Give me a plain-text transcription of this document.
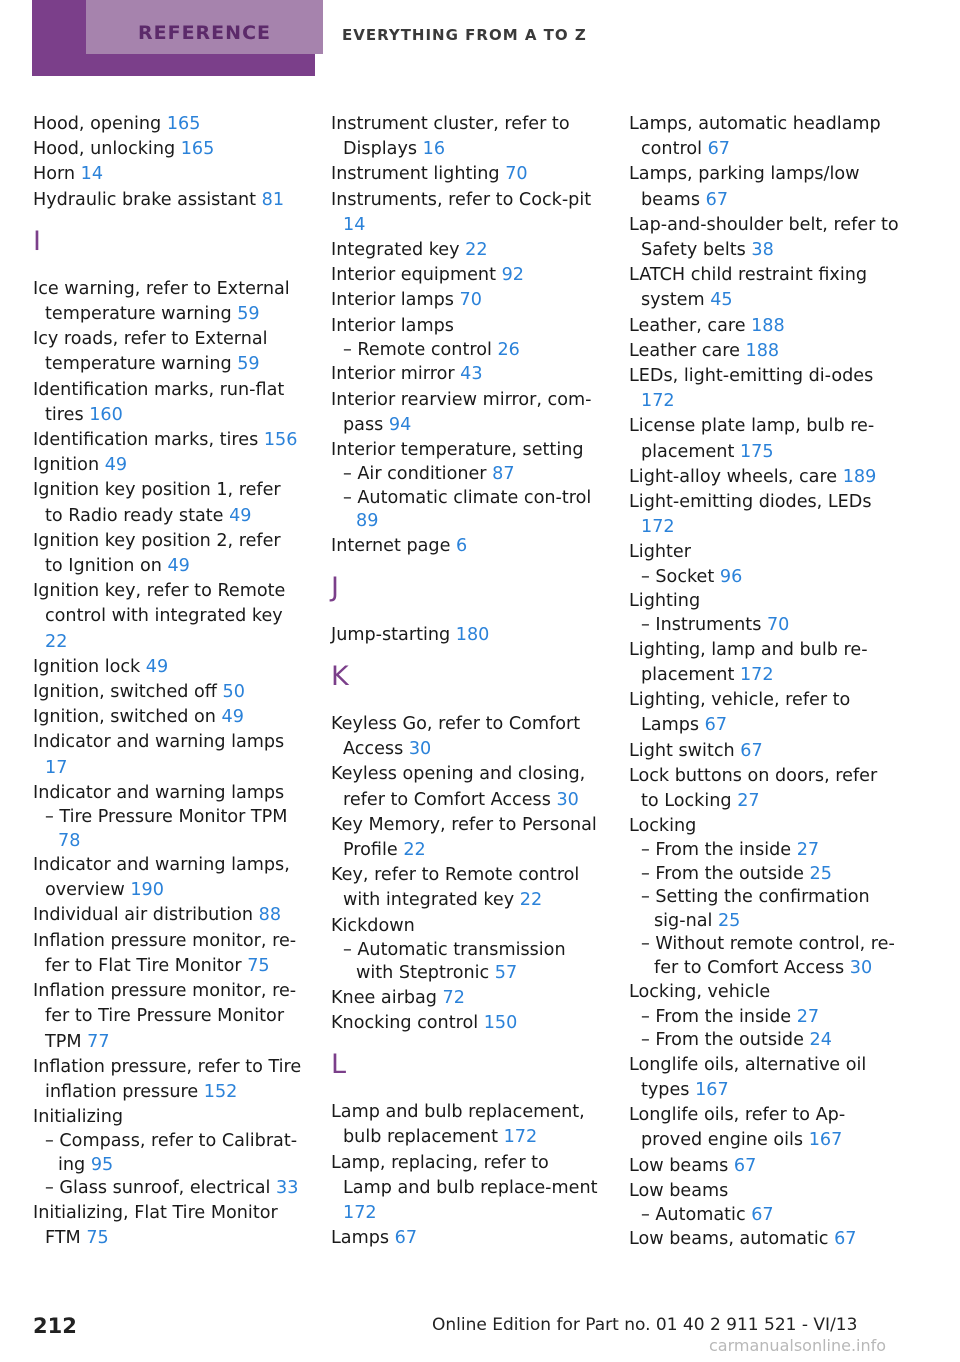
REFERENCE	EVERYTHING FROM A TO Z
Hood, opening 165
Hood, unlocking 165
Horn 14
Hydraulic brake assistant 81
I
Ice warning, refer to External temperature warning 59
Icy roads, refer to External temperature warning 59
Identification marks, run-flat tires 160
Identification marks, tires 156
Ignition 49
Ignition key position 1, refer to Radio ready state 49
Ignition key position 2, refer to Ignition on 49
Ignition key, refer to Remote control with integrated key 22
Ignition lock 49
Ignition, switched off 50
Ignition, switched on 49
Indicator and warning lamps 17
Indicator and warning lamps
– Tire Pressure Monitor TPM 78
Indicator and warning lamps, overview 190
Individual air distribution 88
Inflation pressure monitor, re-fer to Flat Tire Monitor 75
Inflation pressure monitor, re-fer to Tire Pressure Monitor TPM 77
Inflation pressure, refer to Tire inflation pressure 152
Initializing
– Compass, refer to Calibrat-ing 95
– Glass sunroof, electrical 33
Initializing, Flat Tire Monitor FTM 75
Instrument cluster, refer to Displays 16
Instrument lighting 70
Instruments, refer to Cock-pit 14
Integrated key 22
Interior equipment 92
Interior lamps 70
Interior lamps
– Remote control 26
Interior mirror 43
Interior rearview mirror, com-pass 94
Interior temperature, setting
– Air conditioner 87
– Automatic climate con-trol 89
Internet page 6
J
Jump-starting 180
K
Keyless Go, refer to Comfort Access 30
Keyless opening and closing, refer to Comfort Access 30
Key Memory, refer to Personal Profile 22
Key, refer to Remote control with integrated key 22
Kickdown
– Automatic transmission with Steptronic 57
Knee airbag 72
Knocking control 150
L
Lamp and bulb replacement, bulb replacement 172
Lamp, replacing, refer to Lamp and bulb replace-ment 172
Lamps 67
Lamps, automatic headlamp control 67
Lamps, parking lamps/low beams 67
Lap-and-shoulder belt, refer to Safety belts 38
LATCH child restraint fixing system 45
Leather, care 188
Leather care 188
LEDs, light-emitting di-odes 172
License plate lamp, bulb re-placement 175
Light-alloy wheels, care 189
Light-emitting diodes, LEDs 172
Lighter
– Socket 96
Lighting
– Instruments 70
Lighting, lamp and bulb re-placement 172
Lighting, vehicle, refer to Lamps 67
Light switch 67
Lock buttons on doors, refer to Locking 27
Locking
– From the inside 27
– From the outside 25
– Setting the confirmation sig-nal 25
– Without remote control, re-fer to Comfort Access 30
Locking, vehicle
– From the inside 27
– From the outside 24
Longlife oils, alternative oil types 167
Longlife oils, refer to Ap-proved engine oils 167
Low beams 67
Low beams
– Automatic 67
Low beams, automatic 67
212	Online Edition for Part no. 01 40 2 911 521 - VI/13
carmanualsonline.info
